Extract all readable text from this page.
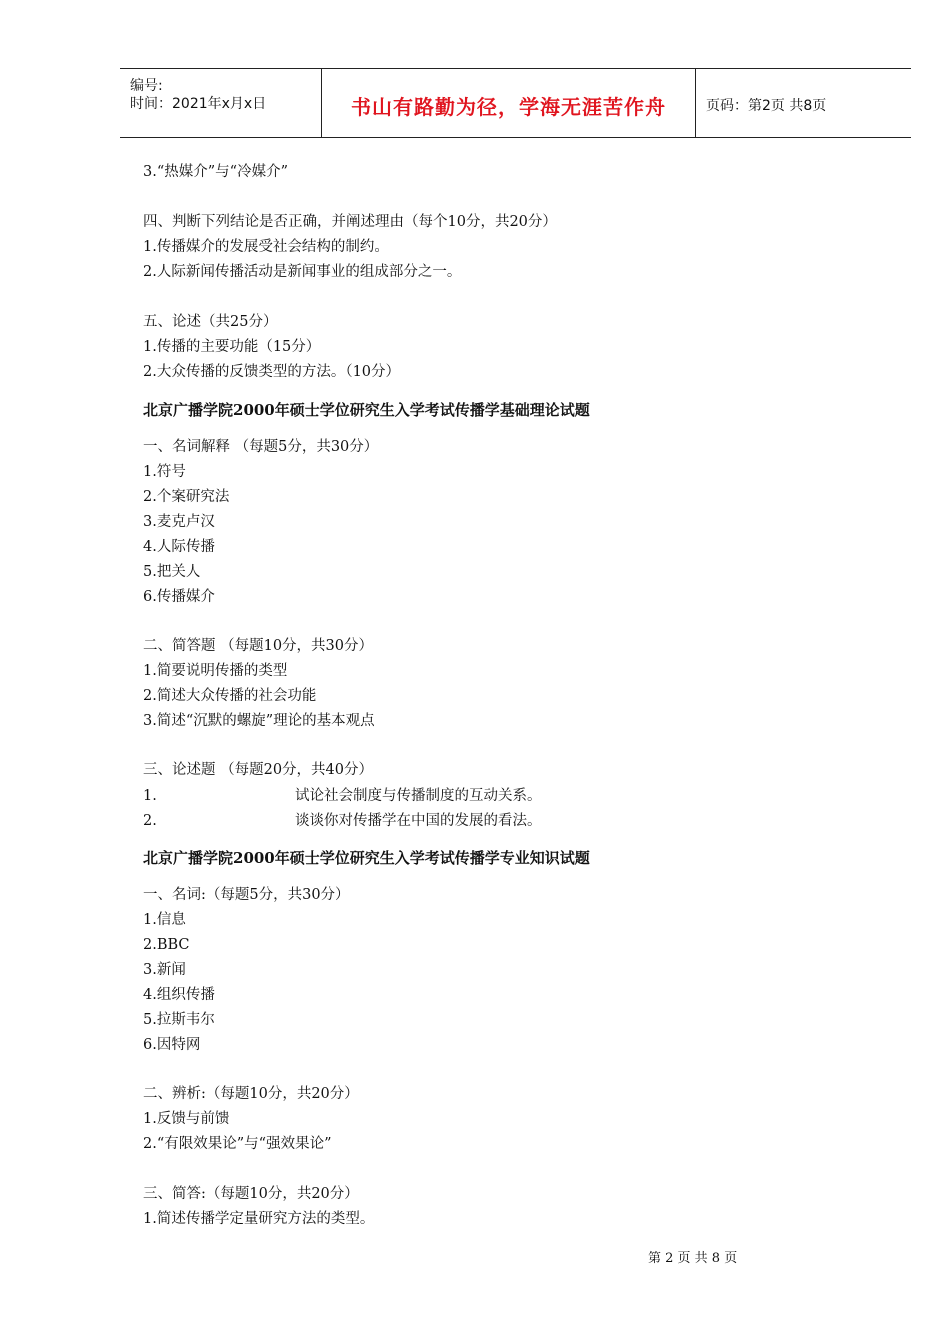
编号:
时间：2021年x月x日	书山有路勤为径，学海无涯苦作舟	页码：第2页 共8页
3.“热媒介”与“冷媒介”
四、判断下列结论是否正确，并阐述理由（每个10分，共20分）
1.传播媒介的发展受社会结构的制约。
2.人际新闻传播活动是新闻事业的组成部分之一。
五、论述（共25分）
1.传播的主要功能（15分）
2.大众传播的反馈类型的方法。（10分）
北京广播学院2000年硕士学位研究生入学考试传播学基础理论试题
一、名词解释 （每题5分，共30分）
1.符号
2.个案研究法
3.麦克卢汉
4.人际传播
5.把关人
6.传播媒介
二、简答题 （每题10分，共30分）
1.简要说明传播的类型
2.简述大众传播的社会功能
3.简述“沉默的螺旋”理论的基本观点
三、论述题 （每题20分，共40分）
1.	试论社会制度与传播制度的互动关系。
2.	谈谈你对传播学在中国的发展的看法。
北京广播学院2000年硕士学位研究生入学考试传播学专业知识试题
一、名词:（每题5分，共30分）
1.信息
2.BBC
3.新闻
4.组织传播
5.拉斯韦尔
6.因特网
二、辨析:（每题10分，共20分）
1.反馈与前馈
2.“有限效果论”与“强效果论”
三、简答:（每题10分，共20分）
1.简述传播学定量研究方法的类型。
第 2 页 共 8 页
